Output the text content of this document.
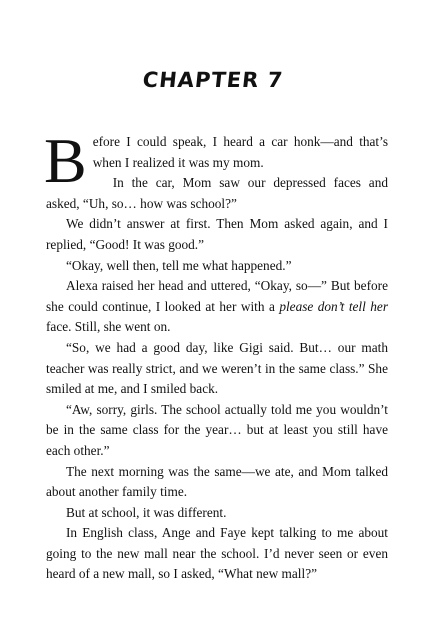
CHAPTER 7

Before I could speak, I heard a car honk—and that’s when I realized it was my mom.

In the car, Mom saw our depressed faces and asked, “Uh, so… how was school?”

We didn’t answer at first. Then Mom asked again, and I replied, “Good! It was good.”

“Okay, well then, tell me what happened.”

Alexa raised her head and uttered, “Okay, so—” But before she could continue, I looked at her with a please don’t tell her face. Still, she went on.

“So, we had a good day, like Gigi said. But… our math teacher was really strict, and we weren’t in the same class.” She smiled at me, and I smiled back.

“Aw, sorry, girls. The school actually told me you wouldn’t be in the same class for the year… but at least you still have each other.”

The next morning was the same—we ate, and Mom talked about another family time.

But at school, it was different.

In English class, Ange and Faye kept talking to me about going to the new mall near the school. I’d never seen or even heard of a new mall, so I asked, “What new mall?”
